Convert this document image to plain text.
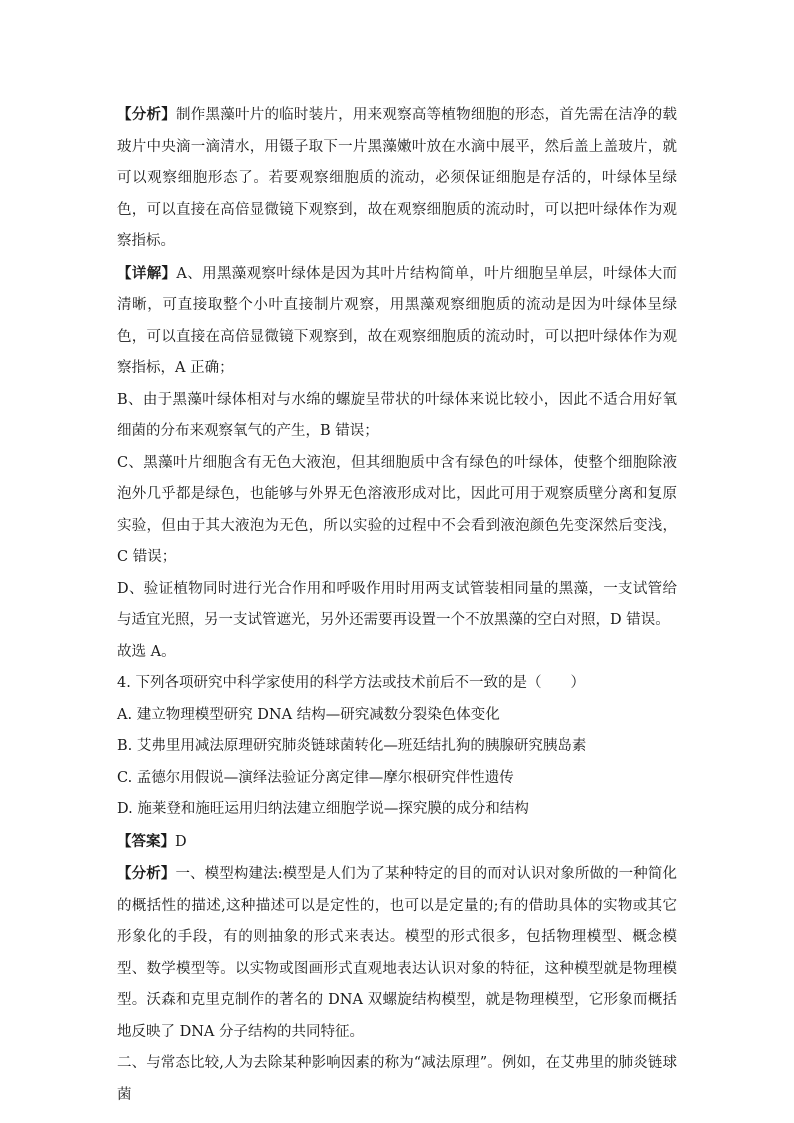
【分析】制作黑藻叶片的临时装片，用来观察高等植物细胞的形态，首先需在洁净的载玻片中央滴一滴清水，用镊子取下一片黑藻嫩叶放在水滴中展平，然后盖上盖玻片，就可以观察细胞形态了。若要观察细胞质的流动，必须保证细胞是存活的，叶绿体呈绿色，可以直接在高倍显微镜下观察到，故在观察细胞质的流动时，可以把叶绿体作为观察指标。

【详解】A、用黑藻观察叶绿体是因为其叶片结构简单，叶片细胞呈单层，叶绿体大而清晰，可直接取整个小叶直接制片观察，用黑藻观察细胞质的流动是因为叶绿体呈绿色，可以直接在高倍显微镜下观察到，故在观察细胞质的流动时，可以把叶绿体作为观察指标，A 正确；

B、由于黑藻叶绿体相对与水绵的螺旋呈带状的叶绿体来说比较小，因此不适合用好氧细菌的分布来观察氧气的产生，B 错误；

C、黑藻叶片细胞含有无色大液泡，但其细胞质中含有绿色的叶绿体，使整个细胞除液泡外几乎都是绿色，也能够与外界无色溶液形成对比，因此可用于观察质壁分离和复原实验，但由于其大液泡为无色，所以实验的过程中不会看到液泡颜色先变深然后变浅，C 错误；

D、验证植物同时进行光合作用和呼吸作用时用两支试管装相同量的黑藻，一支试管给与适宜光照，另一支试管遮光，另外还需要再设置一个不放黑藻的空白对照，D 错误。

故选 A。

4. 下列各项研究中科学家使用的科学方法或技术前后不一致的是（　　）

A. 建立物理模型研究 DNA 结构—研究减数分裂染色体变化

B. 艾弗里用减法原理研究肺炎链球菌转化—班廷结扎狗的胰腺研究胰岛素

C. 孟德尔用假说—演绎法验证分离定律—摩尔根研究伴性遗传

D. 施莱登和施旺运用归纳法建立细胞学说—探究膜的成分和结构

【答案】D

【分析】一、模型构建法:模型是人们为了某种特定的目的而对认识对象所做的一种简化的概括性的描述,这种描述可以是定性的，也可以是定量的;有的借助具体的实物或其它形象化的手段，有的则抽象的形式来表达。模型的形式很多，包括物理模型、概念模型、数学模型等。以实物或图画形式直观地表达认识对象的特征，这种模型就是物理模型。沃森和克里克制作的著名的 DNA 双螺旋结构模型，就是物理模型，它形象而概括地反映了 DNA 分子结构的共同特征。

二、与常态比较,人为去除某种影响因素的称为“减法原理”。例如，在艾弗里的肺炎链球菌
